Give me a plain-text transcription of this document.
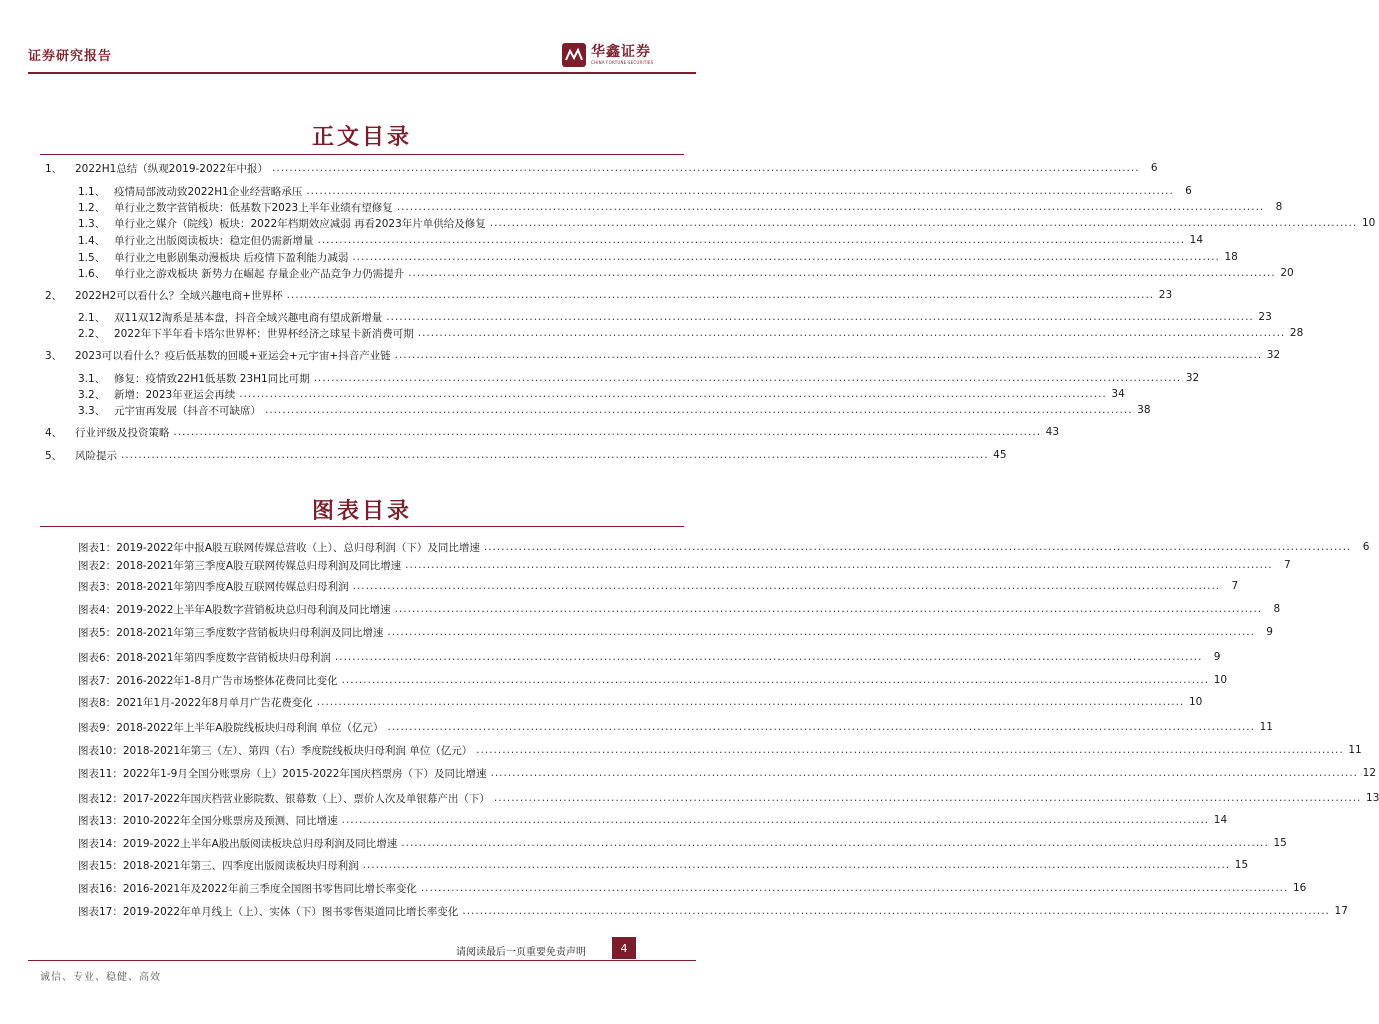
证券研究报告	华鑫证券
CHINA FORTUNE SECURITIES
正文目录
1、	2022H1总结（纵观2019-2022年中报） ........................................................................................................................................................................................................	6
1.1、 疫情局部波动致2022H1企业经营略承压 ........................................................................................................................................................................................................	6
1.2、 单行业之数字营销板块：低基数下2023上半年业绩有望修复 ........................................................................................................................................................................................................	8
1.3、 单行业之媒介（院线）板块：2022年档期效应减弱 再看2023年片单供给及修复 ........................................................................................................................................................................................................ 10
1.4、 单行业之出版阅读板块：稳定但仍需新增量 ........................................................................................................................................................................................................ 14
1.5、 单行业之电影剧集动漫板块 后疫情下盈利能力减弱 ........................................................................................................................................................................................................ 18
1.6、 单行业之游戏板块 新势力在崛起 存量企业产品竞争力仍需提升 ........................................................................................................................................................................................................ 20
2、	2022H2可以看什么？全域兴趣电商+世界杯 ........................................................................................................................................................................................................ 23
2.1、 双11双12淘系是基本盘，抖音全域兴趣电商有望成新增量 ........................................................................................................................................................................................................ 23
2.2、 2022年下半年看卡塔尔世界杯：世界杯经济之球星卡新消费可期 ........................................................................................................................................................................................................ 28
3、	2023可以看什么？疫后低基数的回暖+亚运会+元宇宙+抖音产业链 ........................................................................................................................................................................................................ 32
3.1、 修复：疫情致22H1低基数 23H1同比可期 ........................................................................................................................................................................................................ 32
3.2、 新增：2023年亚运会再续 ........................................................................................................................................................................................................ 34
3.3、 元宇宙再发展（抖音不可缺席） ........................................................................................................................................................................................................ 38
4、	行业评级及投资策略 ........................................................................................................................................................................................................ 43
5、	风险提示 ........................................................................................................................................................................................................ 45
图表目录
图表1： 2019-2022年中报A股互联网传媒总营收（上）、总归母利润（下）及同比增速 ........................................................................................................................................................................................................	6
图表2： 2018-2021年第三季度A股互联网传媒总归母利润及同比增速 ........................................................................................................................................................................................................	7
图表3： 2018-2021年第四季度A股互联网传媒总归母利润 ........................................................................................................................................................................................................	7
图表4： 2019-2022上半年A股数字营销板块总归母利润及同比增速 ........................................................................................................................................................................................................	8
图表5： 2018-2021年第三季度数字营销板块归母利润及同比增速 ........................................................................................................................................................................................................	9
图表6： 2018-2021年第四季度数字营销板块归母利润 ........................................................................................................................................................................................................	9
图表7： 2016-2022年1-8月广告市场整体花费同比变化 ........................................................................................................................................................................................................ 10
图表8： 2021年1月-2022年8月单月广告花费变化 ........................................................................................................................................................................................................ 10
图表9： 2018-2022年上半年A股院线板块归母利润 单位（亿元） ........................................................................................................................................................................................................ 11
图表10： 2018-2021年第三（左）、第四（右）季度院线板块归母利润 单位（亿元） ........................................................................................................................................................................................................ 11
图表11： 2022年1-9月全国分账票房（上）2015-2022年国庆档票房（下）及同比增速 ........................................................................................................................................................................................................ 12
图表12： 2017-2022年国庆档营业影院数、银幕数（上）、票价人次及单银幕产出（下） ........................................................................................................................................................................................................ 13
图表13： 2010-2022年全国分账票房及预测、同比增速 ........................................................................................................................................................................................................ 14
图表14： 2019-2022上半年A股出版阅读板块总归母利润及同比增速 ........................................................................................................................................................................................................ 15
图表15： 2018-2021年第三、四季度出版阅读板块归母利润 ........................................................................................................................................................................................................ 15
图表16： 2016-2021年及2022年前三季度全国图书零售同比增长率变化 ........................................................................................................................................................................................................ 16
图表17： 2019-2022年单月线上（上）、实体（下）图书零售渠道同比增长率变化 ........................................................................................................................................................................................................ 17
请阅读最后一页重要免责声明	4
诚信、专业、稳健、高效
